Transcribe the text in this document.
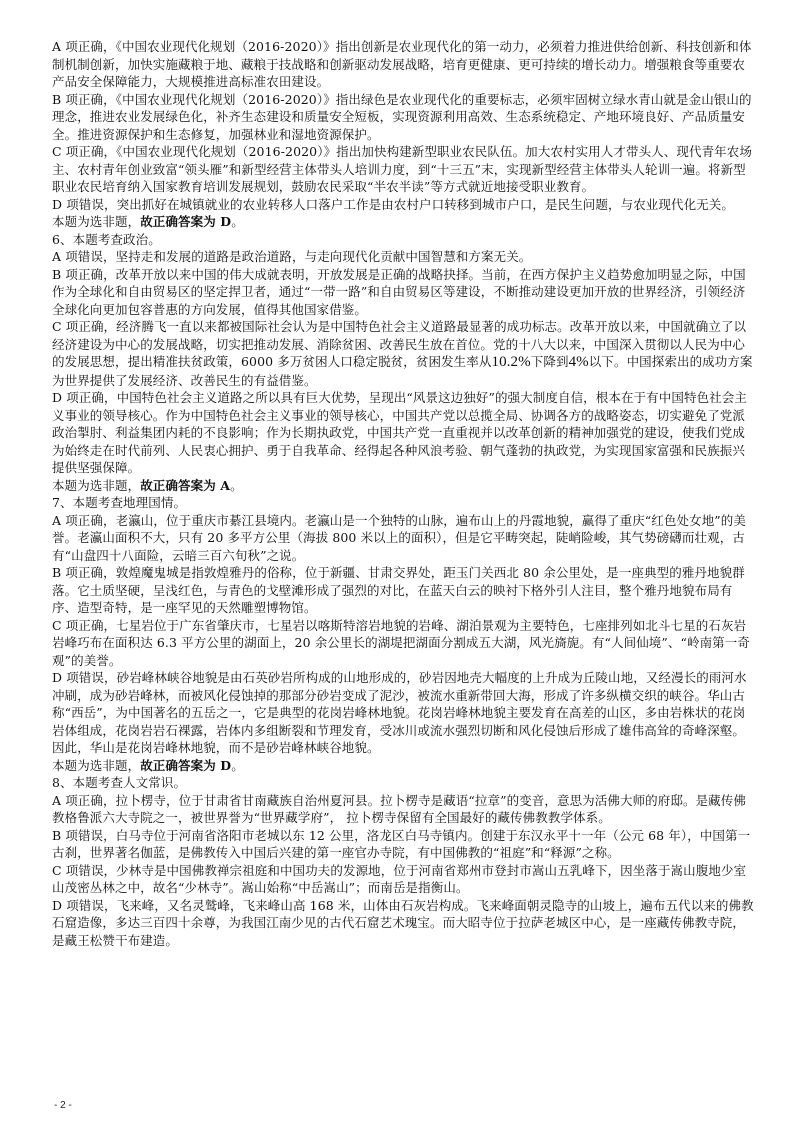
A 项正确，《中国农业现代化规划（2016-2020）》指出创新是农业现代化的第一动力，必须着力推进供给创新、科技创新和体制机制创新，加快实施藏粮于地、藏粮于技战略和创新驱动发展战略，培育更健康、更可持续的增长动力。增强粮食等重要农产品安全保障能力，大规模推进高标准农田建设。

B 项正确，《中国农业现代化规划（2016-2020）》指出绿色是农业现代化的重要标志，必须牢固树立绿水青山就是金山银山的理念，推进农业发展绿色化，补齐生态建设和质量安全短板，实现资源利用高效、生态系统稳定、产地环境良好、产品质量安全。推进资源保护和生态修复，加强林业和湿地资源保护。

C 项正确，《中国农业现代化规划（2016-2020）》指出加快构建新型职业农民队伍。加大农村实用人才带头人、现代青年农场主、农村青年创业致富“领头雁”和新型经营主体带头人培训力度，到“十三五”末，实现新型经营主体带头人轮训一遍。将新型职业农民培育纳入国家教育培训发展规划，鼓励农民采取“半农半读”等方式就近地接受职业教育。

D 项错误，突出抓好在城镇就业的农业转移人口落户工作是由农村户口转移到城市户口，是民生问题，与农业现代化无关。

本题为选非题，故正确答案为 D。

6、本题考查政治。

A 项错误，坚持走和发展的道路是政治道路，与走向现代化贡献中国智慧和方案无关。

B 项正确，改革开放以来中国的伟大成就表明，开放发展是正确的战略抉择。当前，在西方保护主义趋势愈加明显之际，中国作为全球化和自由贸易区的坚定捍卫者，通过“一带一路”和自由贸易区等建设，不断推动建设更加开放的世界经济，引领经济全球化向更加包容普惠的方向发展，值得其他国家借鉴。

C 项正确，经济腾飞一直以来都被国际社会认为是中国特色社会主义道路最显著的成功标志。改革开放以来，中国就确立了以经济建设为中心的发展战略，切实把推动发展、消除贫困、改善民生放在首位。党的十八大以来，中国深入贯彻以人民为中心的发展思想，提出精准扶贫政策，6000 多万贫困人口稳定脱贫，贫困发生率从10.2%下降到4%以下。中国探索出的成功方案为世界提供了发展经济、改善民生的有益借鉴。

D 项正确，中国特色社会主义道路之所以具有巨大优势，呈现出“风景这边独好”的强大制度自信，根本在于有中国特色社会主义事业的领导核心。作为中国特色社会主义事业的领导核心，中国共产党以总揽全局、协调各方的战略姿态，切实避免了党派政治掣肘、利益集团内耗的不良影响；作为长期执政党，中国共产党一直重视并以改革创新的精神加强党的建设，使我们党成为始终走在时代前列、人民衷心拥护、勇于自我革命、经得起各种风浪考验、朝气蓬勃的执政党，为实现国家富强和民族振兴提供坚强保障。

本题为选非题，故正确答案为 A。

7、本题考查地理国情。

A 项正确，老瀛山，位于重庆市綦江县境内。老瀛山是一个独特的山脉，遍布山上的丹霞地貌，赢得了重庆“红色处女地”的美誉。老瀛山面积不大，只有 20 多平方公里（海拔 800 米以上的面积），但是它平畴突起，陡峭险峻，其气势磅礴而壮观，古有“山盘四十八面险，云暗三百六旬秋”之说。

B 项正确，敦煌魔鬼城是指敦煌雅丹的俗称，位于新疆、甘肃交界处，距玉门关西北 80 余公里处，是一座典型的雅丹地貌群落。它土质坚硬，呈浅红色，与青色的戈壁滩形成了强烈的对比，在蓝天白云的映衬下格外引人注目，整个雅丹地貌布局有序、造型奇特，是一座罕见的天然雕塑博物馆。

C 项正确，七星岩位于广东省肇庆市，七星岩以喀斯特溶岩地貌的岩峰、湖泊景观为主要特色，七座排列如北斗七星的石灰岩岩峰巧布在面积达 6.3 平方公里的湖面上，20 余公里长的湖堤把湖面分割成五大湖，风光旖旎。有“人间仙境”、“岭南第一奇观”的美誉。

D 项错误，砂岩峰林峡谷地貌是由石英砂岩所构成的山地形成的，砂岩因地壳大幅度的上升成为丘陵山地，又经漫长的雨河水冲刷，成为砂岩峰林，而被风化侵蚀掉的那部分砂岩变成了泥沙，被流水重新带回大海，形成了许多纵横交织的峡谷。华山古称“西岳”，为中国著名的五岳之一，它是典型的花岗岩峰林地貌。花岗岩峰林地貌主要发育在高差的山区，多由岩株状的花岗岩体组成，花岗岩岩石裸露，岩体内多组断裂和节理发育，受冰川或流水强烈切断和风化侵蚀后形成了雄伟高耸的奇峰深壑。因此，华山是花岗岩峰林地貌，而不是砂岩峰林峡谷地貌。

本题为选非题，故正确答案为 D。

8、本题考查人文常识。

A 项正确，拉卜楞寺，位于甘肃省甘南藏族自治州夏河县。拉卜楞寺是藏语“拉章”的变音，意思为活佛大师的府邸。是藏传佛教格鲁派六大寺院之一，被世界誉为“世界藏学府”， 拉卜楞寺保留有全国最好的藏传佛教教学体系。

B 项错误，白马寺位于河南省洛阳市老城以东 12 公里，洛龙区白马寺镇内。创建于东汉永平十一年（公元 68 年），中国第一古刹，世界著名伽蓝，是佛教传入中国后兴建的第一座官办寺院，有中国佛教的“祖庭”和“释源”之称。

C 项错误，少林寺是中国佛教禅宗祖庭和中国功夫的发源地，位于河南省郑州市登封市嵩山五乳峰下，因坐落于嵩山腹地少室山茂密丛林之中，故名“少林寺”。嵩山始称“中岳嵩山”；而南岳是指衡山。

D 项错误，飞来峰，又名灵鹫峰，飞来峰山高 168 米，山体由石灰岩构成。飞来峰面朝灵隐寺的山坡上，遍布五代以来的佛教石窟造像，多达三百四十余尊，为我国江南少见的古代石窟艺术瑰宝。而大昭寺位于拉萨老城区中心，是一座藏传佛教寺院，是藏王松赞干布建造。

- 2 -
